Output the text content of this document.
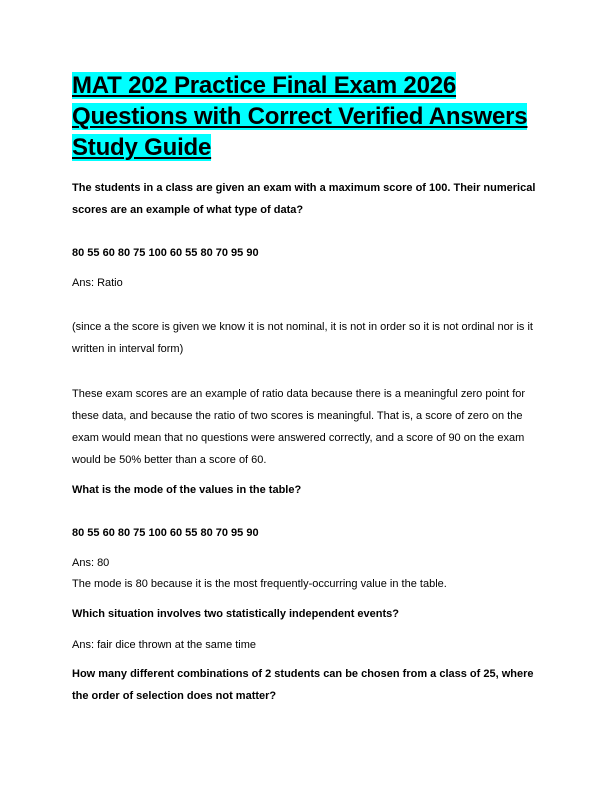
MAT 202 Practice Final Exam 2026 Questions with Correct Verified Answers Study Guide

The students in a class are given an exam with a maximum score of 100. Their numerical scores are an example of what type of data?

80 55 60 80 75 100 60 55 80 70 95 90

Ans: Ratio

(since a the score is given we know it is not nominal, it is not in order so it is not ordinal nor is it written in interval form)

These exam scores are an example of ratio data because there is a meaningful zero point for these data, and because the ratio of two scores is meaningful. That is, a score of zero on the exam would mean that no questions were answered correctly, and a score of 90 on the exam would be 50% better than a score of 60.

What is the mode of the values in the table?

80 55 60 80 75 100 60 55 80 70 95 90

Ans: 80

The mode is 80 because it is the most frequently-occurring value in the table.

Which situation involves two statistically independent events?

Ans: fair dice thrown at the same time

How many different combinations of 2 students can be chosen from a class of 25, where the order of selection does not matter?
